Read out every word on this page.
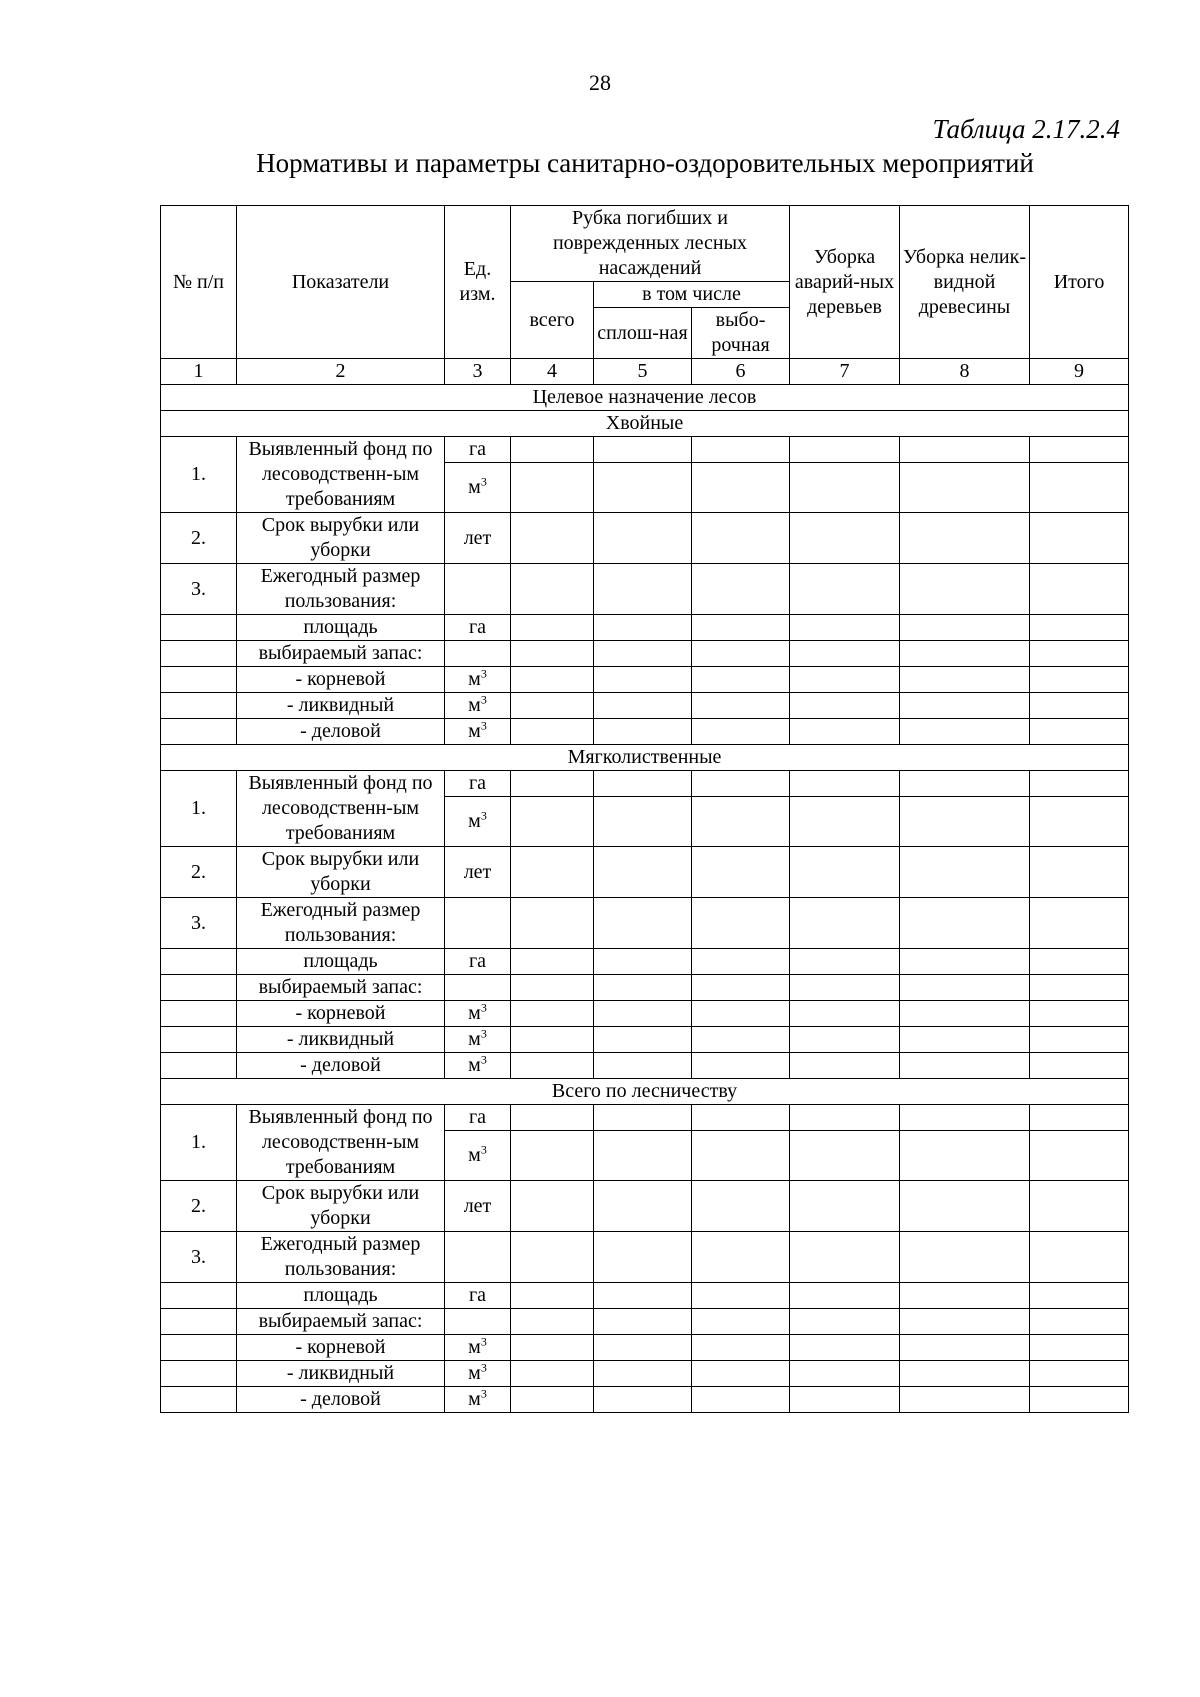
28
Таблица 2.17.2.4
Нормативы и параметры санитарно-оздоровительных мероприятий
№ п/п	Показатели	Ед. изм.	Рубка погибших и поврежденных лесных насаждений			Уборка аварий-ных деревьев	Уборка нелик-видной древесины	Итого
			всего	в том числе				
				сплош-ная	выбо-рочная			
1	2	3	4	5	6	7	8	9
Целевое назначение лесов								
Хвойные								
1.	Выявленный фонд по лесоводственн-ым требованиям	га						
		$м^3$						
2.	Срок вырубки или уборки	лет						
3.	Ежегодный размер пользования:							
	площадь	га						
	выбираемый запас:							
	- корневой	$м^3$						
	- ликвидный	$м^3$						
	- деловой	$м^3$						
Мягколиственные								
1.	Выявленный фонд по лесоводственн-ым требованиям	га						
		$м^3$						
2.	Срок вырубки или уборки	лет						
3.	Ежегодный размер пользования:							
	площадь	га						
	выбираемый запас:							
	- корневой	$м^3$						
	- ликвидный	$м^3$						
	- деловой	$м^3$						
Всего по лесничеству								
1.	Выявленный фонд по лесоводственн-ым требованиям	га						
		$м^3$						
2.	Срок вырубки или уборки	лет						
3.	Ежегодный размер пользования:							
	площадь	га						
	выбираемый запас:							
	- корневой	$м^3$						
	- ликвидный	$м^3$						
	- деловой	$м^3$						
